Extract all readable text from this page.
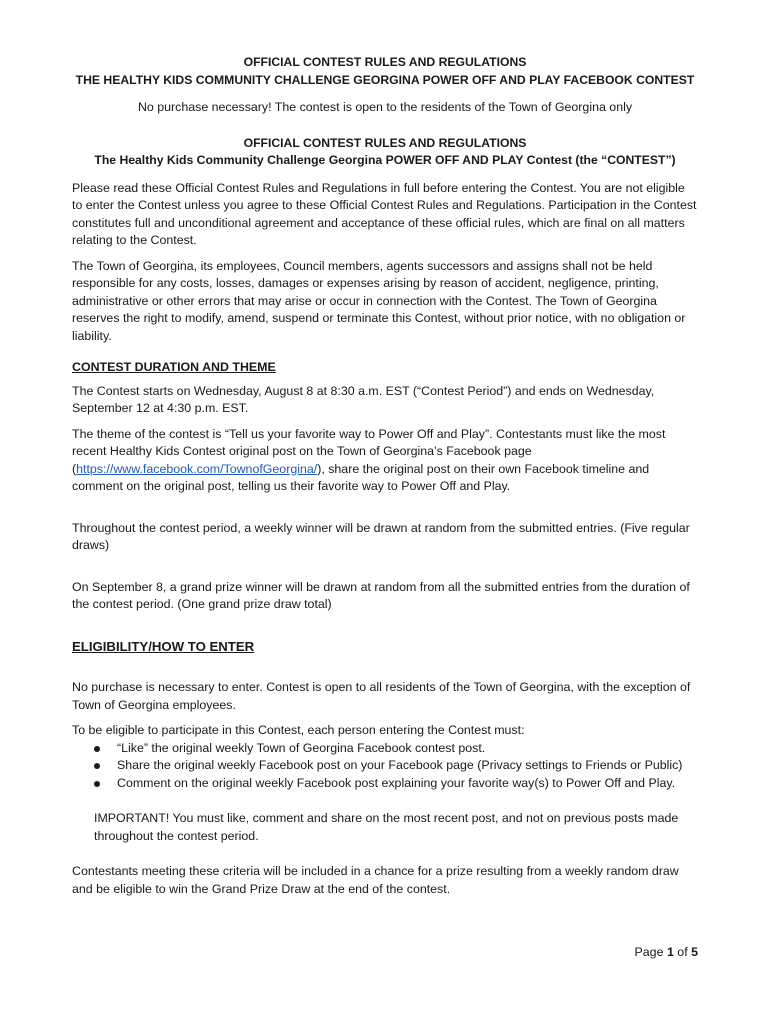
OFFICIAL CONTEST RULES AND REGULATIONS

THE HEALTHY KIDS COMMUNITY CHALLENGE GEORGINA POWER OFF AND PLAY FACEBOOK CONTEST

No purchase necessary! The contest is open to the residents of the Town of Georgina only

OFFICIAL CONTEST RULES AND REGULATIONS

The Healthy Kids Community Challenge Georgina POWER OFF AND PLAY Contest (the “CONTEST”)

Please read these Official Contest Rules and Regulations in full before entering the Contest. You are not eligible to enter the Contest unless you agree to these Official Contest Rules and Regulations. Participation in the Contest constitutes full and unconditional agreement and acceptance of these official rules, which are final on all matters relating to the Contest.

The Town of Georgina, its employees, Council members, agents successors and assigns shall not be held responsible for any costs, losses, damages or expenses arising by reason of accident, negligence, printing, administrative or other errors that may arise or occur in connection with the Contest. The Town of Georgina reserves the right to modify, amend, suspend or terminate this Contest, without prior notice, with no obligation or liability.

CONTEST DURATION AND THEME

The Contest starts on Wednesday, August 8 at 8:30 a.m. EST (“Contest Period”) and ends on Wednesday, September 12 at 4:30 p.m. EST.

The theme of the contest is “Tell us your favorite way to Power Off and Play”. Contestants must like the most recent Healthy Kids Contest original post on the Town of Georgina’s Facebook page (https://www.facebook.com/TownofGeorgina/), share the original post on their own Facebook timeline and comment on the original post, telling us their favorite way to Power Off and Play.

Throughout the contest period, a weekly winner will be drawn at random from the submitted entries. (Five regular draws)

On September 8, a grand prize winner will be drawn at random from all the submitted entries from the duration of the contest period. (One grand prize draw total)

ELIGIBILITY/HOW TO ENTER

No purchase is necessary to enter. Contest is open to all residents of the Town of Georgina, with the exception of Town of Georgina employees.

To be eligible to participate in this Contest, each person entering the Contest must:

“Like” the original weekly Town of Georgina Facebook contest post.
Share the original weekly Facebook post on your Facebook page (Privacy settings to Friends or Public)
Comment on the original weekly Facebook post explaining your favorite way(s) to Power Off and Play.

IMPORTANT! You must like, comment and share on the most recent post, and not on previous posts made throughout the contest period.

Contestants meeting these criteria will be included in a chance for a prize resulting from a weekly random draw and be eligible to win the Grand Prize Draw at the end of the contest.

Page 1 of 5
